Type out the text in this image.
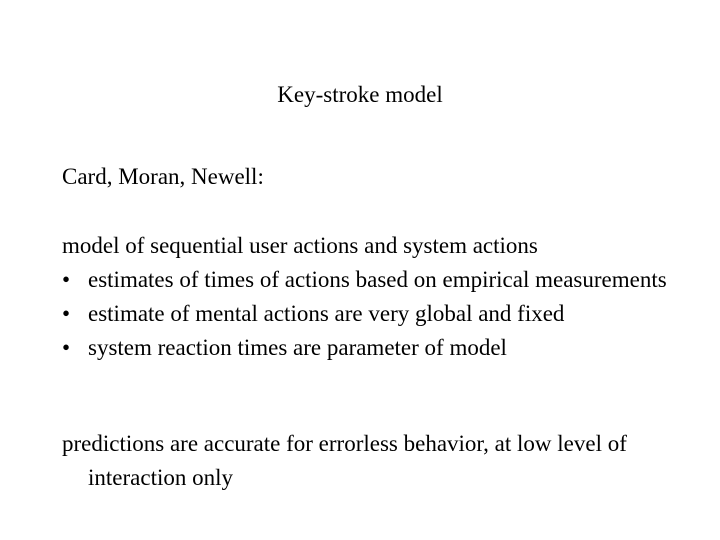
Key-stroke model

Card, Moran, Newell:

model of sequential user actions and system actions

• estimates of times of actions based on empirical measurements
• estimate of mental actions are very global and fixed
• system reaction times are parameter of model

predictions are accurate for errorless behavior, at low level of interaction only
